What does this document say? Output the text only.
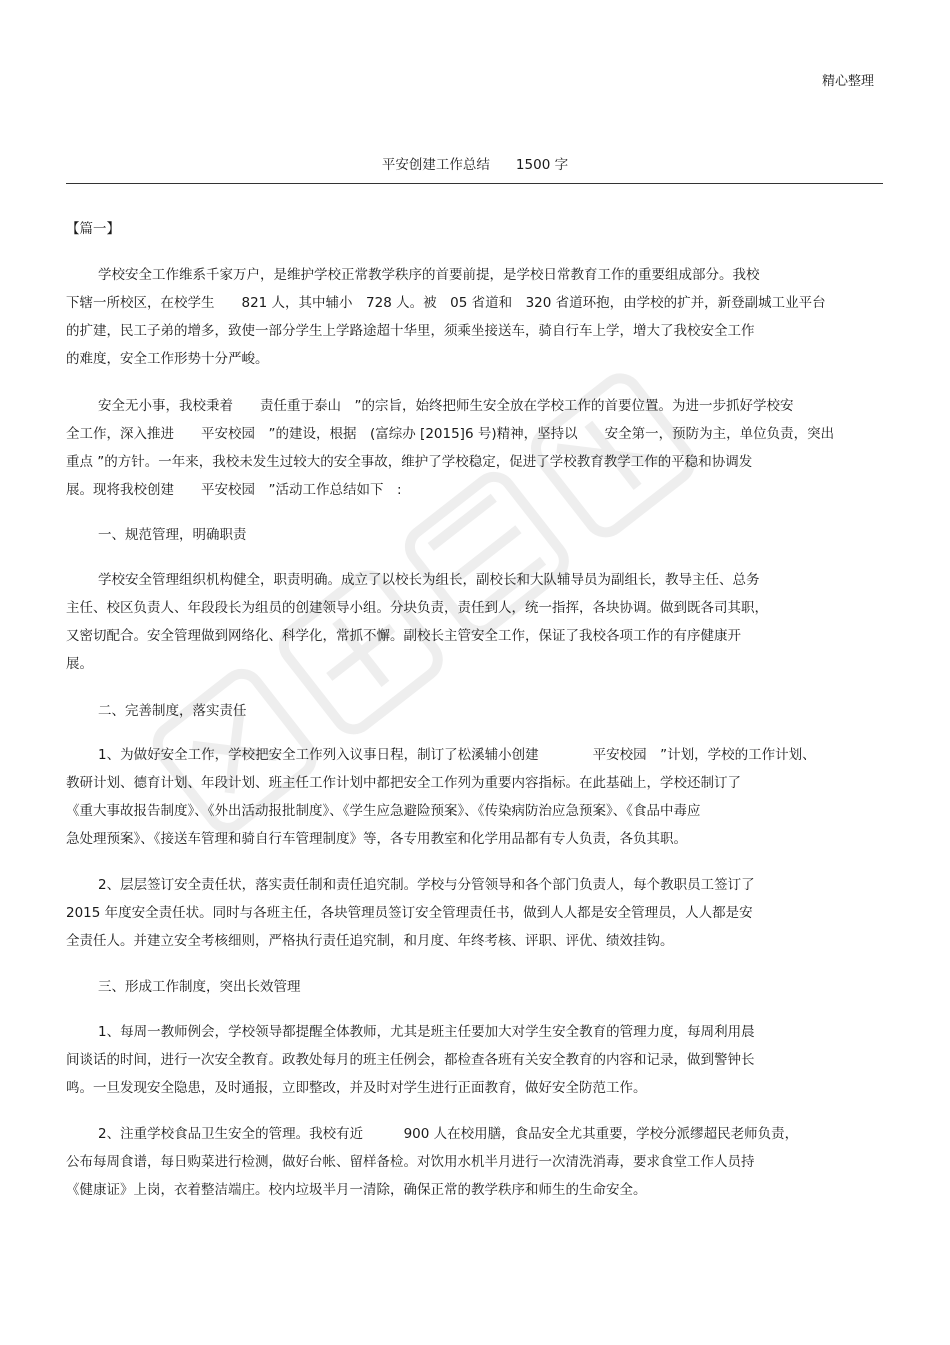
精心整理
平安创建工作总结 1500 字
【篇一】
学校安全工作维系千家万户，是维护学校正常教学秩序的首要前提，是学校日常教育工作的重要组成部分。我校
下辖一所校区，在校学生　　821 人，其中辅小　728 人。被　05 省道和　320 省道环抱，由学校的扩并，新登副城工业平台
的扩建，民工子弟的增多，致使一部分学生上学路途超十华里，须乘坐接送车，骑自行车上学，增大了我校安全工作
的难度，安全工作形势十分严峻。
安全无小事，我校秉着　　责任重于泰山　”的宗旨，始终把师生安全放在学校工作的首要位置。为进一步抓好学校安
全工作，深入推进　　平安校园　”的建设，根据　(富综办 [2015]6 号)精神，坚持以　　安全第一，预防为主，单位负责，突出
重点 ”的方针。一年来，我校未发生过较大的安全事故，维护了学校稳定，促进了学校教育教学工作的平稳和协调发
展。现将我校创建　　平安校园　”活动工作总结如下　:
一、规范管理，明确职责
学校安全管理组织机构健全，职责明确。成立了以校长为组长，副校长和大队辅导员为副组长，教导主任、总务
主任、校区负责人、年段段长为组员的创建领导小组。分块负责，责任到人，统一指挥，各块协调。做到既各司其职，
又密切配合。安全管理做到网络化、科学化，常抓不懈。副校长主管安全工作，保证了我校各项工作的有序健康开
展。
二、完善制度，落实责任
1、为做好安全工作，学校把安全工作列入议事日程，制订了松溪辅小创建　　　　平安校园　”计划，学校的工作计划、
教研计划、德育计划、年段计划、班主任工作计划中都把安全工作列为重要内容指标。在此基础上，学校还制订了
《重大事故报告制度》、《外出活动报批制度》、《学生应急避险预案》、《传染病防治应急预案》、《食品中毒应
急处理预案》、《接送车管理和骑自行车管理制度》等，各专用教室和化学用品都有专人负责，各负其职。
2、层层签订安全责任状，落实责任制和责任追究制。学校与分管领导和各个部门负责人，每个教职员工签订了
2015 年度安全责任状。同时与各班主任，各块管理员签订安全管理责任书，做到人人都是安全管理员，人人都是安
全责任人。并建立安全考核细则，严格执行责任追究制，和月度、年终考核、评职、评优、绩效挂钩。
三、形成工作制度，突出长效管理
1、每周一教师例会，学校领导都提醒全体教师，尤其是班主任要加大对学生安全教育的管理力度，每周利用晨
间谈话的时间，进行一次安全教育。政教处每月的班主任例会，都检查各班有关安全教育的内容和记录，做到警钟长
鸣。一旦发现安全隐患，及时通报，立即整改，并及时对学生进行正面教育，做好安全防范工作。
2、注重学校食品卫生安全的管理。我校有近　　　900 人在校用膳，食品安全尤其重要，学校分派缪超民老师负责，
公布每周食谱，每日购菜进行检测，做好台帐、留样备检。对饮用水机半月进行一次清洗消毒，要求食堂工作人员持
《健康证》上岗，衣着整洁端庄。校内垃圾半月一清除，确保正常的教学秩序和师生的生命安全。
